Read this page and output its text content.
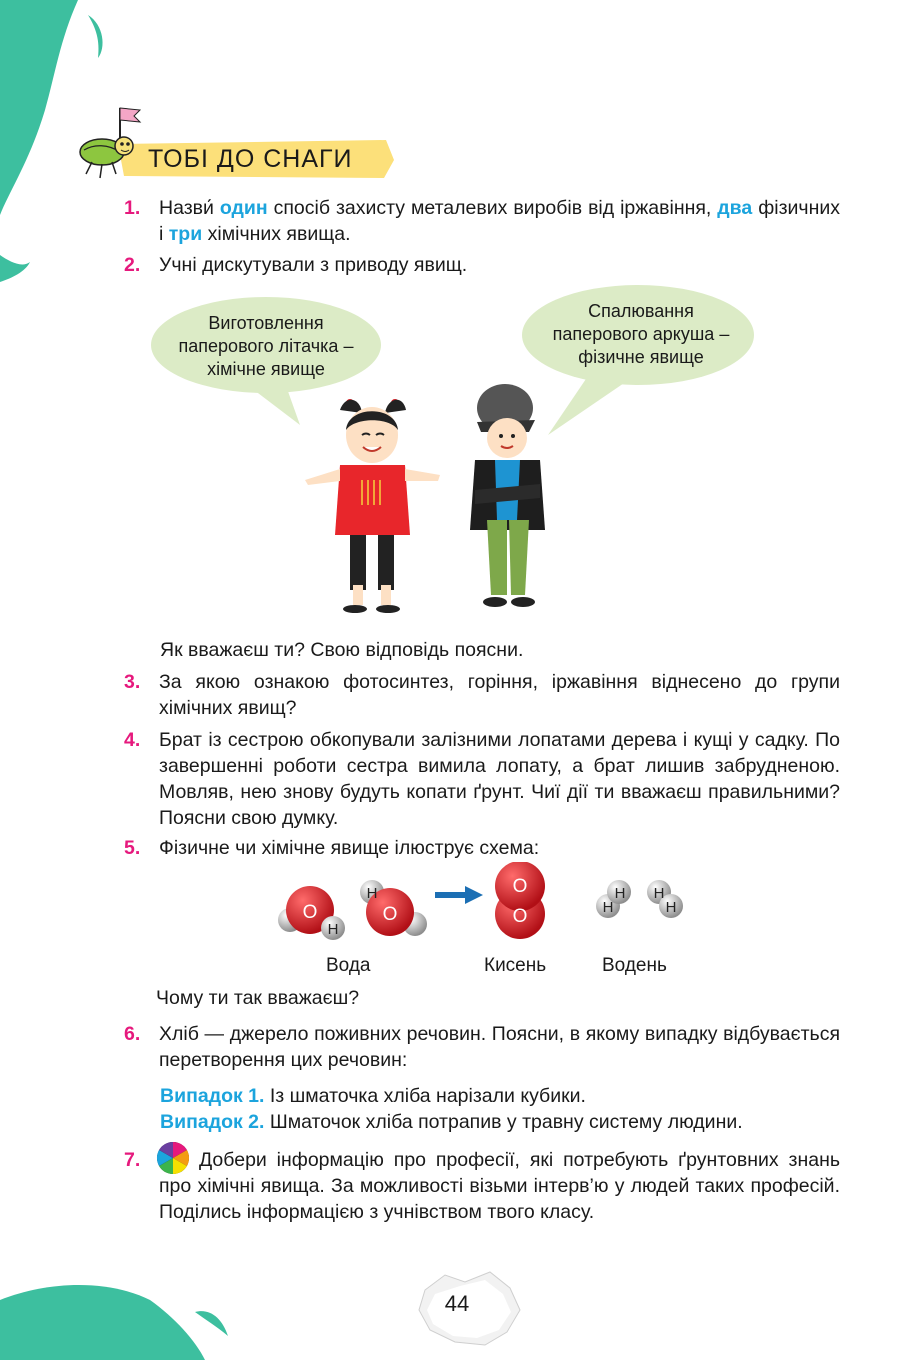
ТОБІ ДО СНАГИ
1. Назви́ один спосіб захисту металевих виробів від іржавіння, два фізичних і три хімічних явища.
2. Учні дискутували з приводу явищ.
Виготовлення
паперового літачка –
хімічне явище
Спалювання
паперового аркуша –
фізичне явище
Як вважаєш ти? Свою відповідь поясни.
3. За якою ознакою фотосинтез, горіння, іржавіння віднесено до групи хімічних явищ?
4. Брат із сестрою обкопували залізними лопатами дерева і кущі у садку. По завершенні роботи сестра вимила лопату, а брат лишив забрудненою. Мовляв, нею знову будуть копати ґрунт. Чиї дії ти вважаєш правильними? Поясни свою думку.
5. Фізичне чи хімічне явище ілюструє схема:
O
H
O
H	O
O	H
H H
H
Вода	Кисень	Водень
Чому ти так вважаєш?
6. Хліб — джерело поживних речовин. Поясни, в якому випадку відбувається перетворення цих речовин:
Випадок 1. Із шматочка хліба нарізали кубики.
Випадок 2. Шматочок хліба потрапив у травну систему людини.
7.	Добери інформацію про професії, які потребують ґрунтовних знань про хімічні явища. За можливості візьми інтерв’ю у людей таких професій. Поділись інформацією з учнівством твого класу.
44
